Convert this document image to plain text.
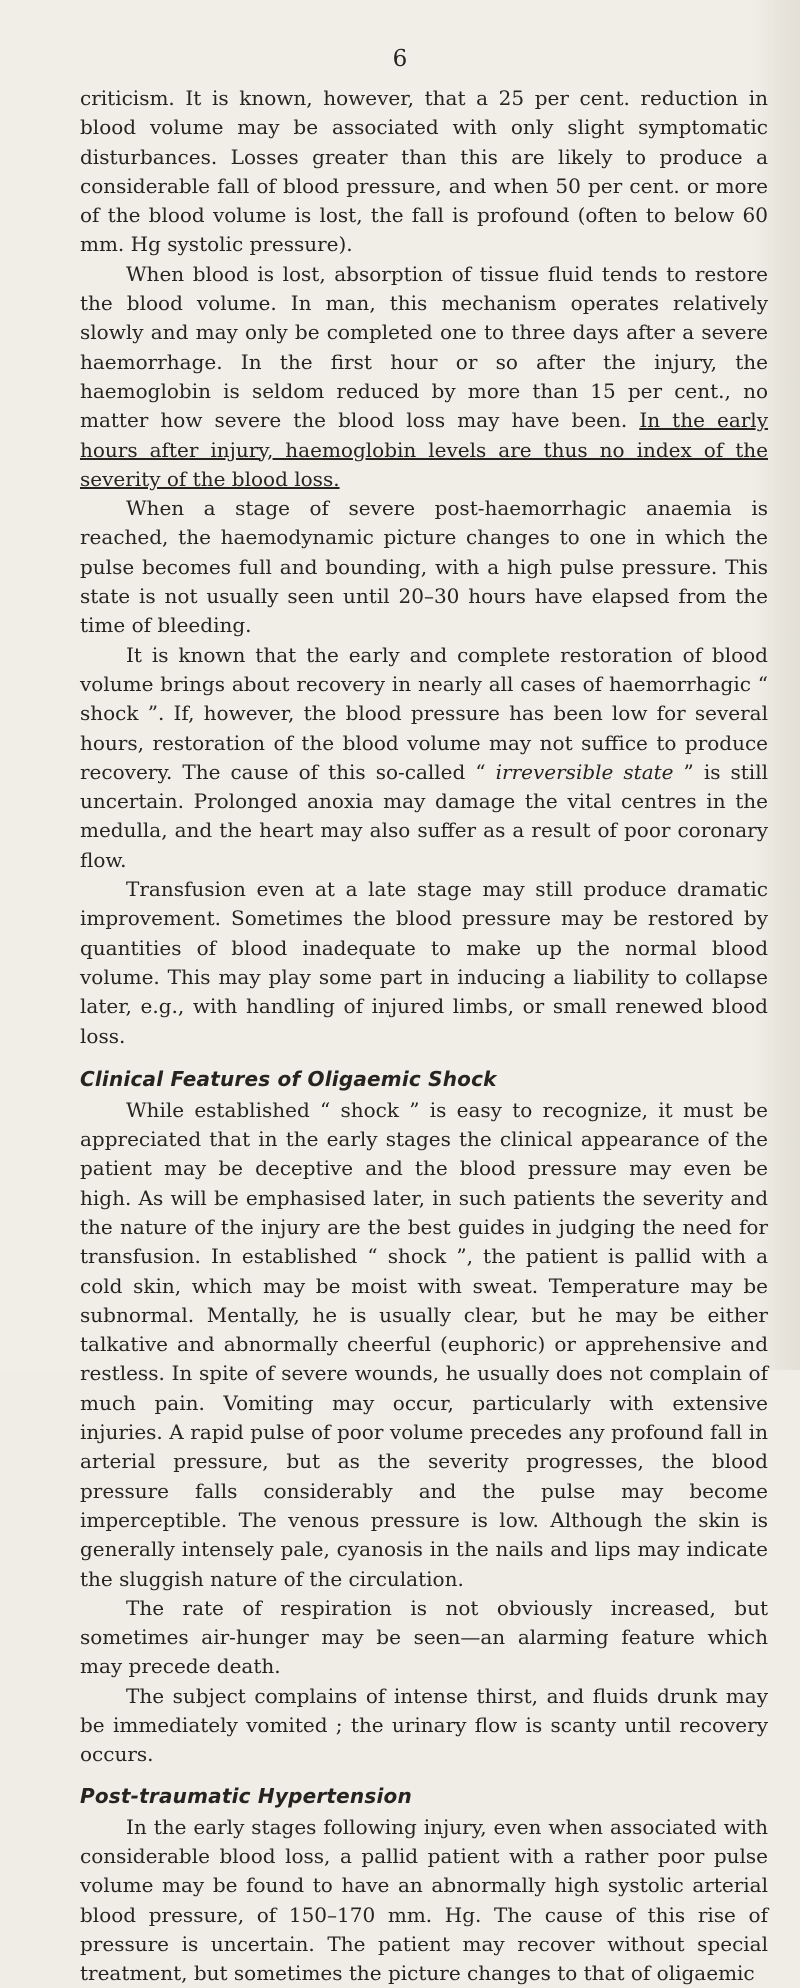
6

criticism. It is known, however, that a 25 per cent. reduction in blood volume may be associated with only slight symptomatic disturbances. Losses greater than this are likely to produce a considerable fall of blood pressure, and when 50 per cent. or more of the blood volume is lost, the fall is profound (often to below 60 mm. Hg systolic pressure).

When blood is lost, absorption of tissue fluid tends to restore the blood volume. In man, this mechanism operates relatively slowly and may only be completed one to three days after a severe haemorrhage. In the first hour or so after the injury, the haemoglobin is seldom reduced by more than 15 per cent., no matter how severe the blood loss may have been. In the early hours after injury, haemoglobin levels are thus no index of the severity of the blood loss.

When a stage of severe post-haemorrhagic anaemia is reached, the haemodynamic picture changes to one in which the pulse becomes full and bounding, with a high pulse pressure. This state is not usually seen until 20–30 hours have elapsed from the time of bleeding.

It is known that the early and complete restoration of blood volume brings about recovery in nearly all cases of haemorrhagic “ shock ”. If, however, the blood pressure has been low for several hours, restoration of the blood volume may not suffice to produce recovery. The cause of this so-called “ irreversible state ” is still uncertain. Prolonged anoxia may damage the vital centres in the medulla, and the heart may also suffer as a result of poor coronary flow.

Transfusion even at a late stage may still produce dramatic improvement. Sometimes the blood pressure may be restored by quantities of blood inadequate to make up the normal blood volume. This may play some part in inducing a liability to collapse later, e.g., with handling of injured limbs, or small renewed blood loss.

Clinical Features of Oligaemic Shock

While established “ shock ” is easy to recognize, it must be appreciated that in the early stages the clinical appearance of the patient may be deceptive and the blood pressure may even be high. As will be emphasised later, in such patients the severity and the nature of the injury are the best guides in judging the need for transfusion. In established “ shock ”, the patient is pallid with a cold skin, which may be moist with sweat. Temperature may be subnormal. Mentally, he is usually clear, but he may be either talkative and abnormally cheerful (euphoric) or apprehensive and restless. In spite of severe wounds, he usually does not complain of much pain. Vomiting may occur, particularly with extensive injuries. A rapid pulse of poor volume precedes any profound fall in arterial pressure, but as the severity progresses, the blood pressure falls considerably and the pulse may become imperceptible. The venous pressure is low. Although the skin is generally intensely pale, cyanosis in the nails and lips may indicate the sluggish nature of the circulation.

The rate of respiration is not obviously increased, but sometimes air-hunger may be seen—an alarming feature which may precede death.

The subject complains of intense thirst, and fluids drunk may be immediately vomited ; the urinary flow is scanty until recovery occurs.

Post-traumatic Hypertension

In the early stages following injury, even when associated with considerable blood loss, a pallid patient with a rather poor pulse volume may be found to have an abnormally high systolic arterial blood pressure, of 150–170 mm. Hg. The cause of this rise of pressure is uncertain. The patient may recover without special treatment, but sometimes the picture changes to that of oligaemic
